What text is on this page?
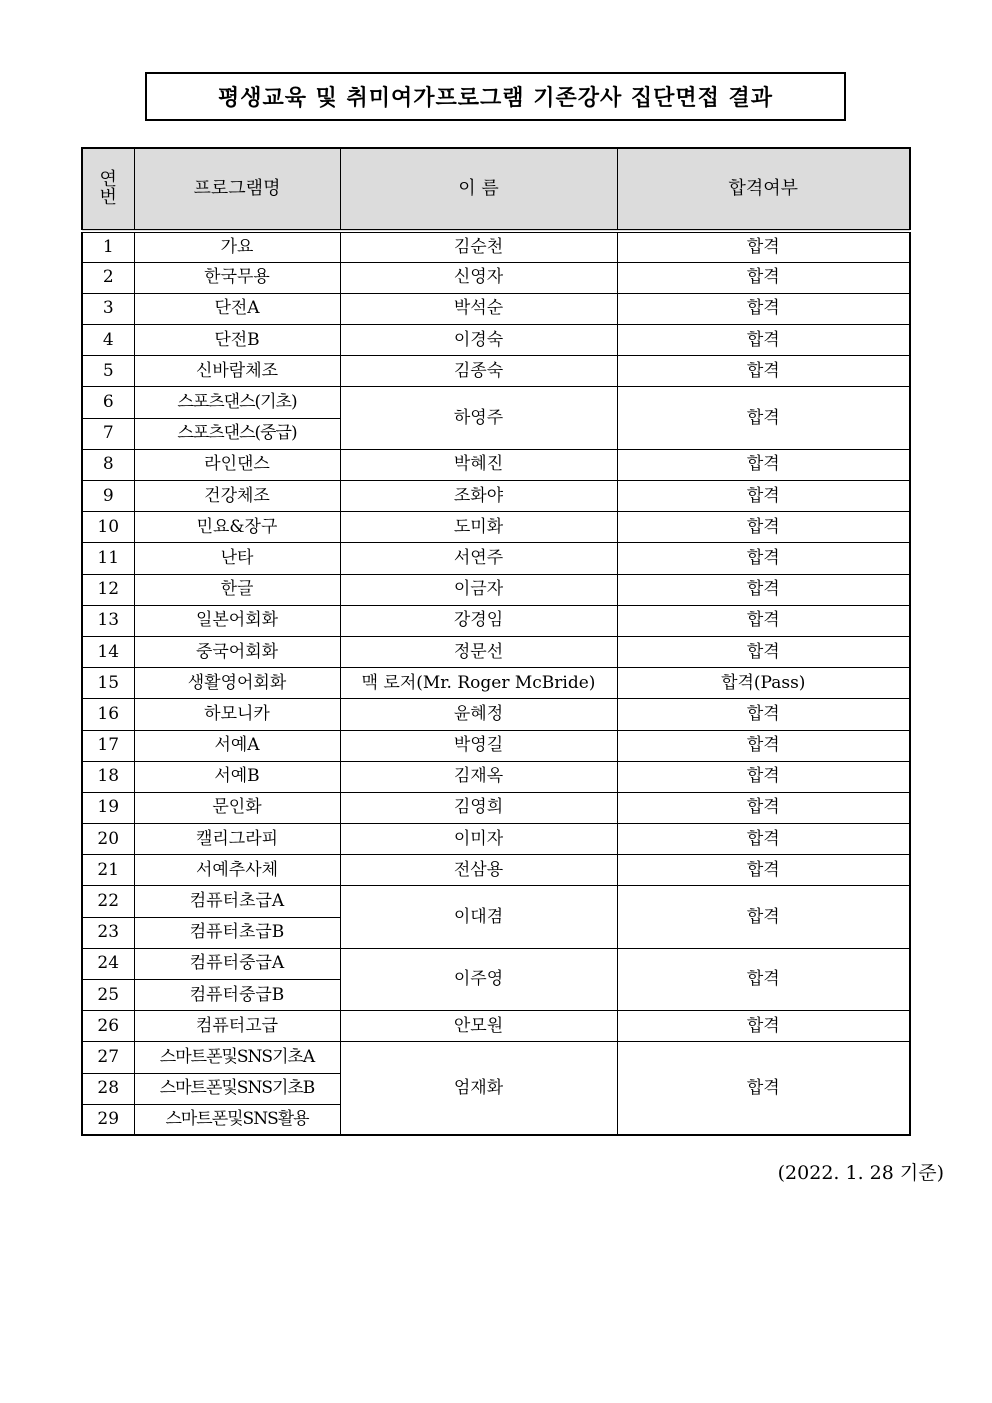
평생교육 및 취미여가프로그램 기존강사 집단면접 결과
연
번	프로그램명	이 름	합격여부
1	가요	김순천	합격
2	한국무용	신영자	합격
3	단전A	박석순	합격
4	단전B	이경숙	합격
5	신바람체조	김종숙	합격
6	스포츠댄스(기초)	하영주	합격
7	스포츠댄스(중급)		
8	라인댄스	박혜진	합격
9	건강체조	조화야	합격
10	민요&장구	도미화	합격
11	난타	서연주	합격
12	한글	이금자	합격
13	일본어회화	강경임	합격
14	중국어회화	정문선	합격
15	생활영어회화	맥 로저(Mr. Roger McBride)	합격(Pass)
16	하모니카	윤혜정	합격
17	서예A	박영길	합격
18	서예B	김재옥	합격
19	문인화	김영희	합격
20	캘리그라피	이미자	합격
21	서예추사체	전삼용	합격
22	컴퓨터초급A	이대겸	합격
23	컴퓨터초급B		
24	컴퓨터중급A	이주영	합격
25	컴퓨터중급B		
26	컴퓨터고급	안모원	합격
27	스마트폰및SNS기초A	엄재화	합격
28	스마트폰및SNS기초B		
29	스마트폰및SNS활용		
(2022. 1. 28 기준)
